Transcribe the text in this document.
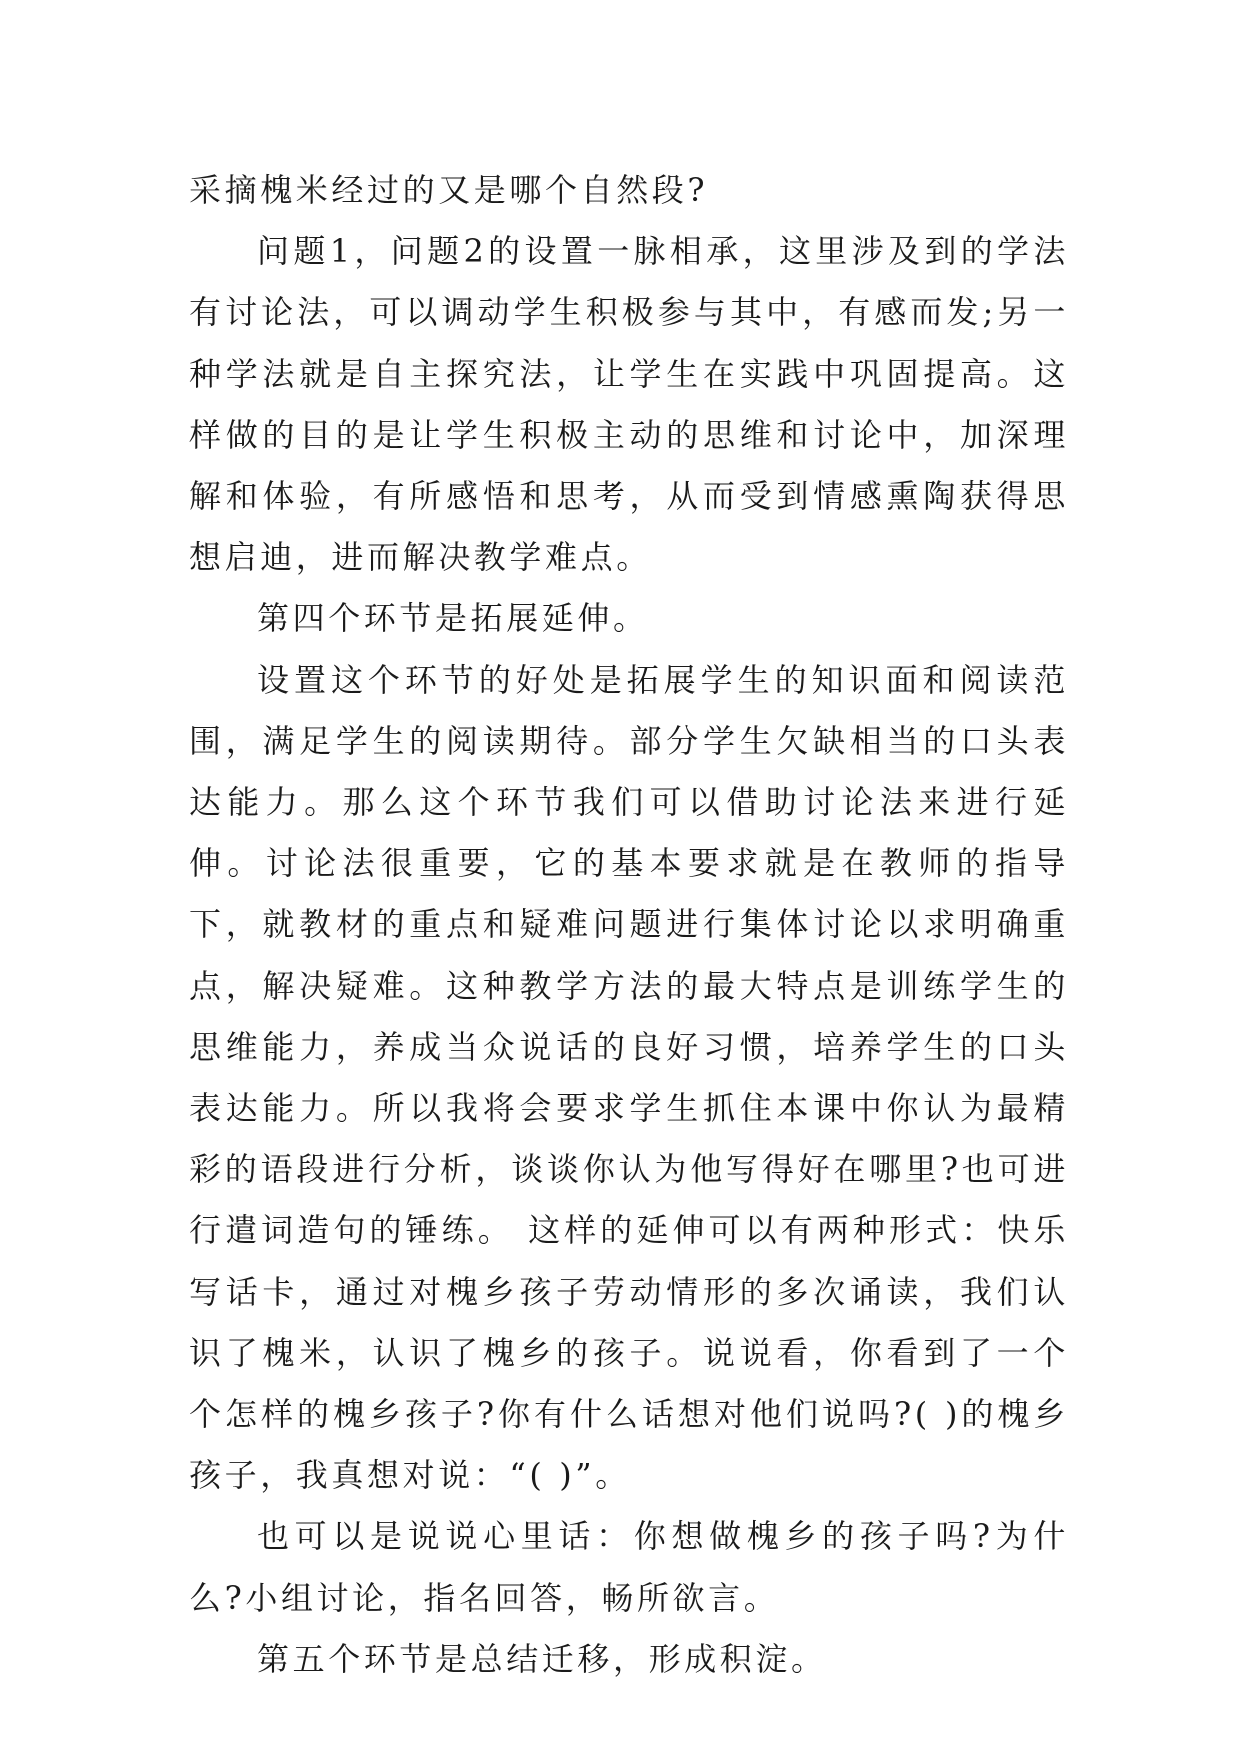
采摘槐米经过的又是哪个自然段?

问题1，问题2的设置一脉相承，这里涉及到的学法有讨论法，可以调动学生积极参与其中，有感而发;另一种学法就是自主探究法，让学生在实践中巩固提高。这样做的目的是让学生积极主动的思维和讨论中，加深理解和体验，有所感悟和思考，从而受到情感熏陶获得思想启迪，进而解决教学难点。

第四个环节是拓展延伸。

设置这个环节的好处是拓展学生的知识面和阅读范围，满足学生的阅读期待。部分学生欠缺相当的口头表达能力。那么这个环节我们可以借助讨论法来进行延伸。讨论法很重要，它的基本要求就是在教师的指导下，就教材的重点和疑难问题进行集体讨论以求明确重点，解决疑难。这种教学方法的最大特点是训练学生的思维能力，养成当众说话的良好习惯，培养学生的口头表达能力。所以我将会要求学生抓住本课中你认为最精彩的语段进行分析，谈谈你认为他写得好在哪里?也可进行遣词造句的锤练。 这样的延伸可以有两种形式：快乐写话卡，通过对槐乡孩子劳动情形的多次诵读，我们认识了槐米，认识了槐乡的孩子。说说看，你看到了一个个怎样的槐乡孩子?你有什么话想对他们说吗?( )的槐乡孩子，我真想对说：“( )”。

也可以是说说心里话：你想做槐乡的孩子吗?为什么?小组讨论，指名回答，畅所欲言。

第五个环节是总结迁移，形成积淀。
